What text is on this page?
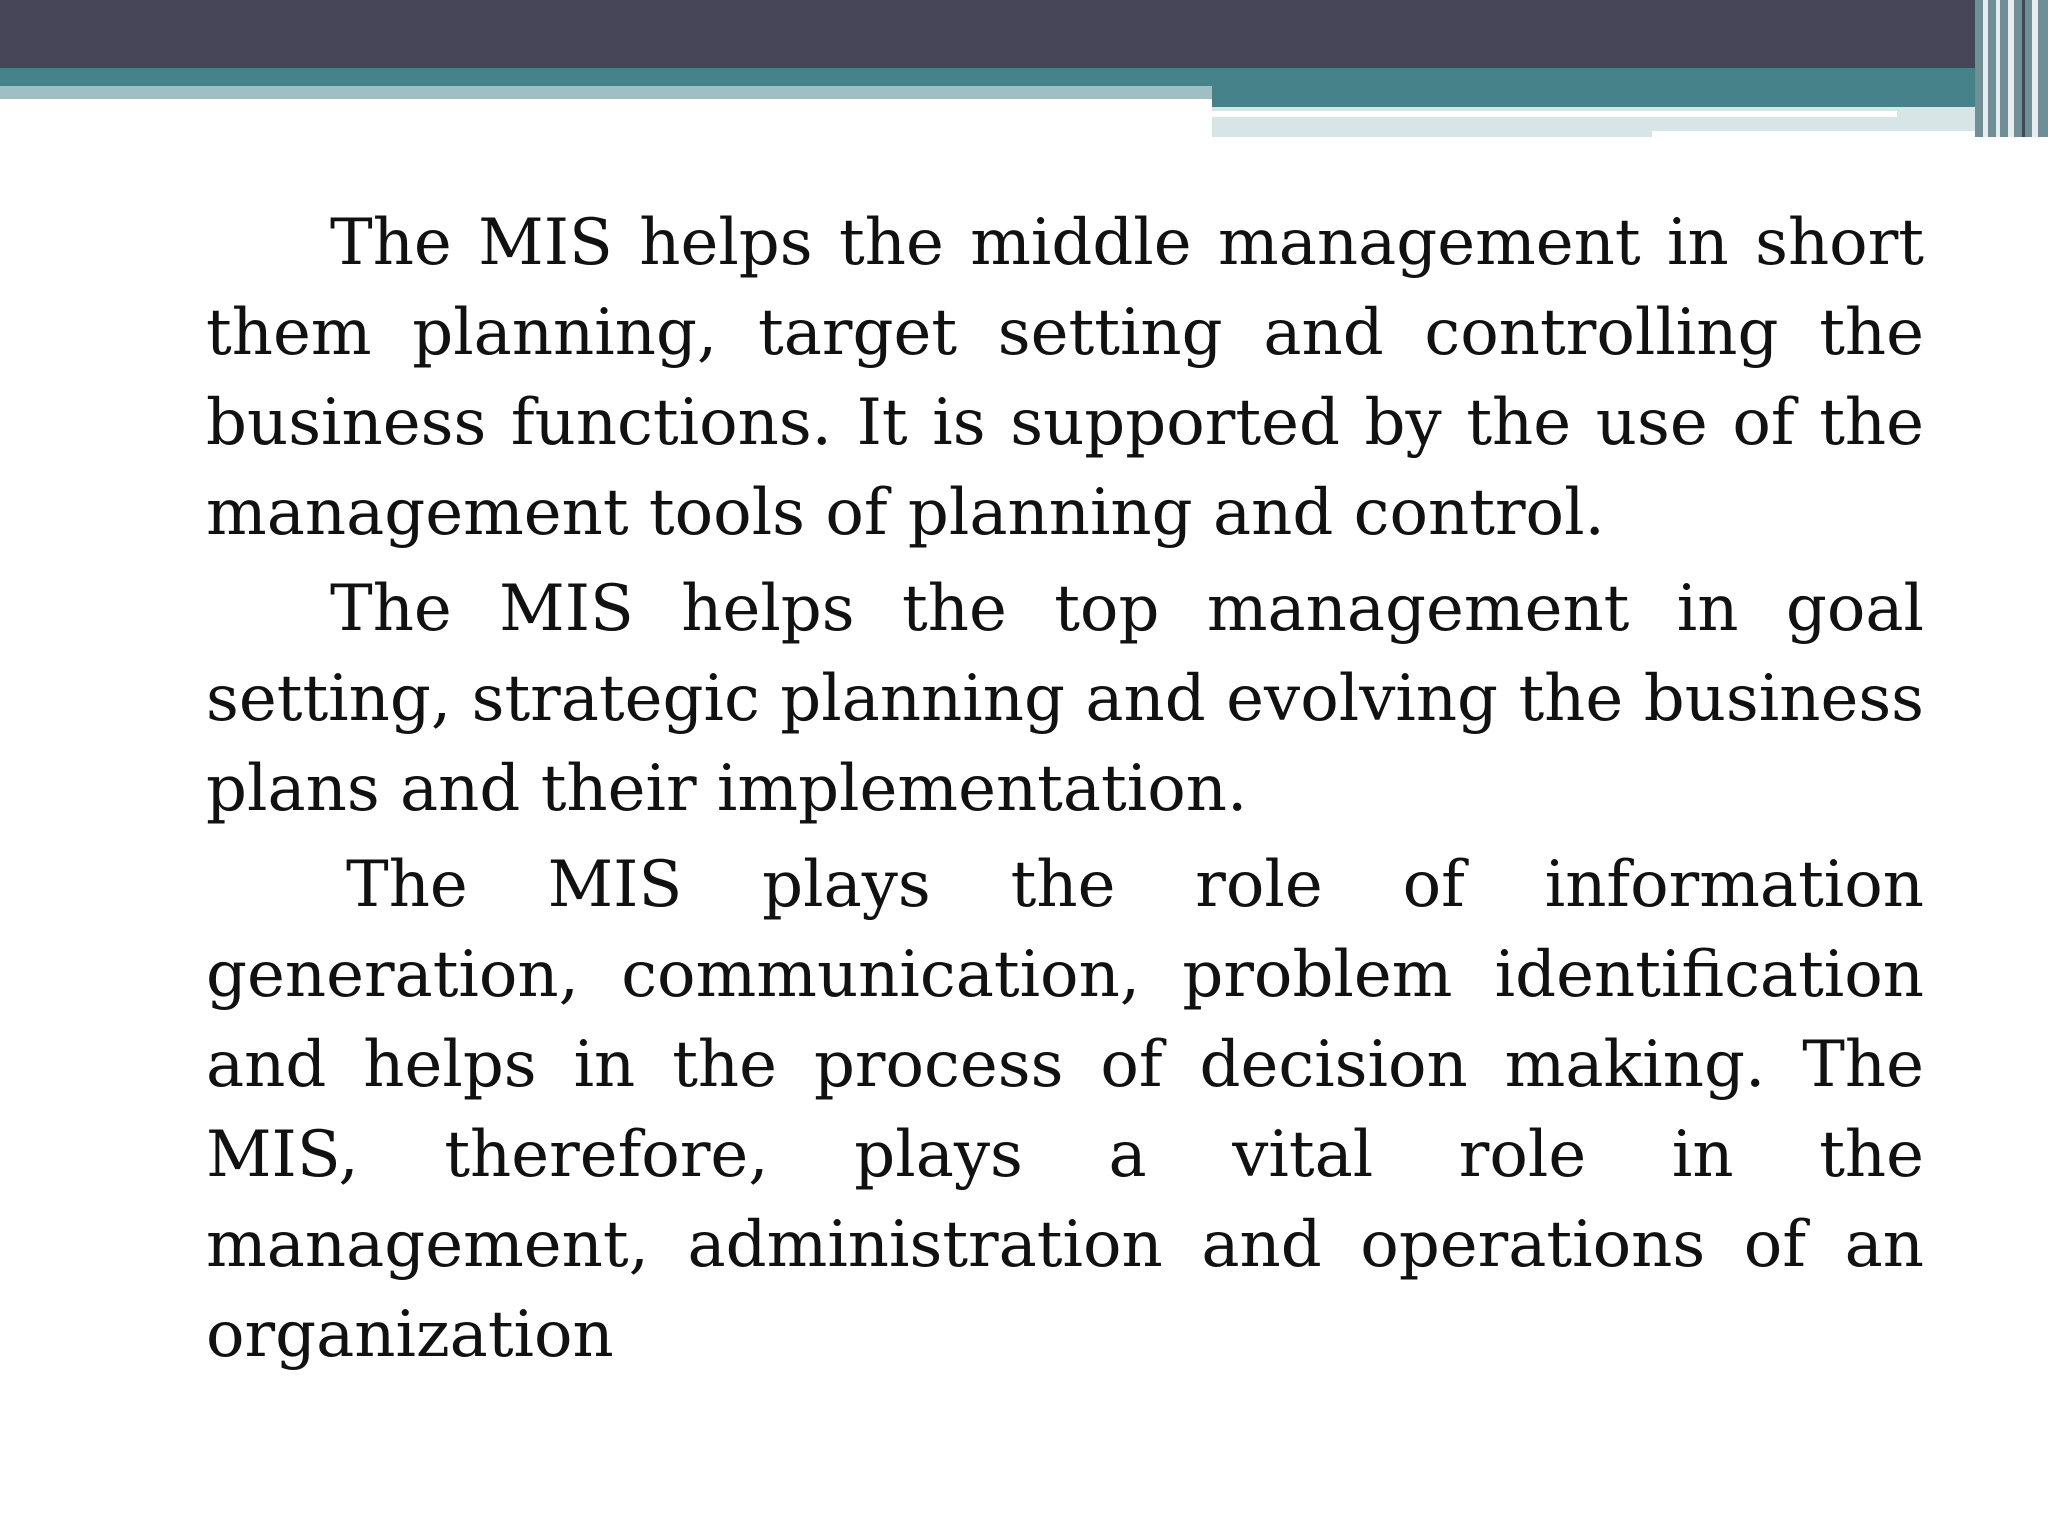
The MIS helps the middle management in short them planning, target setting and controlling the business functions. It is supported by the use of the management tools of planning and control.

The MIS helps the top management in goal setting, strategic planning and evolving the business plans and their implementation.

The MIS plays the role of information generation, communication, problem identification and helps in the process of decision making. The MIS, therefore, plays a vital role in the management, administration and operations of an organization
